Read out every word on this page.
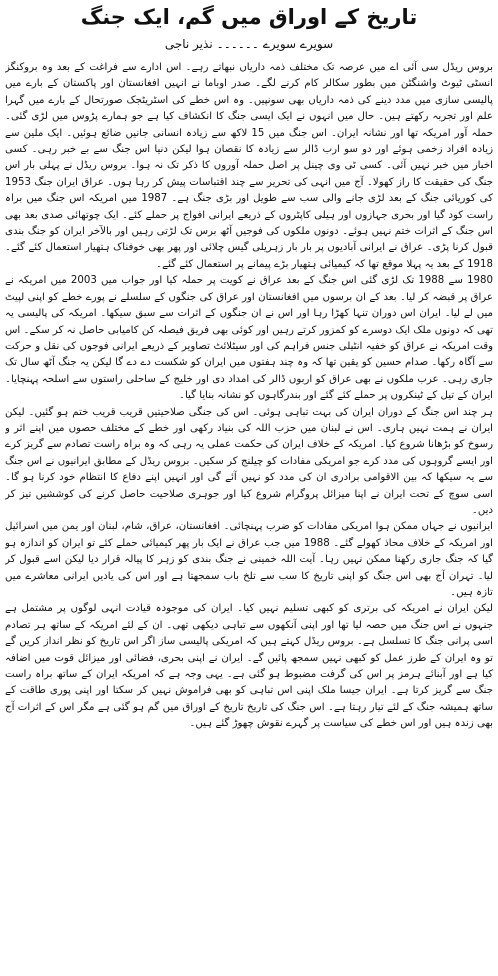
تاریخ کے اوراق میں گم، ایک جنگ
سویرے سویرے۔۔۔۔۔۔نذیر ناجی

بروس ریڈل سی آئی اے میں عرصہ تک مختلف ذمہ داریاں نبھاتے رہے۔ اس ادارے سے فراغت کے بعد وہ بروکنگز انسٹی ٹیوٹ واشنگٹن میں بطور سکالر کام کرنے لگے۔ صدر اوباما نے انہیں افغانستان اور پاکستان کے بارے میں پالیسی سازی میں مدد دینے کی ذمہ داریاں بھی سونپیں۔ وہ اس خطے کی اسٹریٹجک صورتحال کے بارے میں گہرا علم اور تجربہ رکھتے ہیں۔ حال میں انہوں نے ایک ایسی جنگ کا انکشاف کیا ہے جو ہمارے پڑوس میں لڑی گئی۔ حملہ آور امریکہ تھا اور نشانہ ایران۔ اس جنگ میں 15 لاکھ سے زیادہ انسانی جانیں ضائع ہوئیں۔ ایک ملین سے زیادہ افراد زخمی ہوئے اور دو سو ارب ڈالر سے زیادہ کا نقصان ہوا لیکن دنیا اس جنگ سے بے خبر رہی۔ کسی اخبار میں خبر نہیں آئی۔ کسی ٹی وی چینل پر اصل حملہ آوروں کا ذکر تک نہ ہوا۔ بروس ریڈل نے پہلی بار اس جنگ کی حقیقت کا راز کھولا۔ آج میں انہی کی تحریر سے چند اقتباسات پیش کر رہا ہوں۔ عراق ایران جنگ 1953 کی کوریائی جنگ کے بعد لڑی جانے والی سب سے طویل اور بڑی جنگ ہے۔ 1987 میں امریکہ اس جنگ میں براہ راست کود گیا اور بحری جہازوں اور ہیلی کاپٹروں کے ذریعے ایرانی افواج پر حملے کئے۔ ایک چوتھائی صدی بعد بھی اس جنگ کے اثرات ختم نہیں ہوئے۔ دونوں ملکوں کی فوجیں آٹھ برس تک لڑتی رہیں اور بالآخر ایران کو جنگ بندی قبول کرنا پڑی۔ عراق نے ایرانی آبادیوں پر بار بار زہریلی گیس چلائی اور پھر بھی خوفناک ہتھیار استعمال کئے گئے۔ 1918 کے بعد یہ پہلا موقع تھا کہ کیمیائی ہتھیار بڑے پیمانے پر استعمال کئے گئے۔

1980 سے 1988 تک لڑی گئی اس جنگ کے بعد عراق نے کویت پر حملہ کیا اور جواب میں 2003 میں امریکہ نے عراق پر قبضہ کر لیا۔ بعد کے ان برسوں میں افغانستان اور عراق کی جنگوں کے سلسلے نے پورے خطے کو اپنی لپیٹ میں لے لیا۔ ایران اس دوران تنہا کھڑا رہا اور اس نے ان جنگوں کے اثرات سے سبق سیکھا۔ امریکہ کی پالیسی یہ تھی کہ دونوں ملک ایک دوسرے کو کمزور کرتے رہیں اور کوئی بھی فریق فیصلہ کن کامیابی حاصل نہ کر سکے۔ اس وقت امریکہ نے عراق کو خفیہ انٹیلی جنس فراہم کی اور سیٹلائٹ تصاویر کے ذریعے ایرانی فوجوں کی نقل و حرکت سے آگاہ رکھا۔ صدام حسین کو یقین تھا کہ وہ چند ہفتوں میں ایران کو شکست دے دے گا لیکن یہ جنگ آٹھ سال تک جاری رہی۔ عرب ملکوں نے بھی عراق کو اربوں ڈالر کی امداد دی اور خلیج کے ساحلی راستوں سے اسلحہ پہنچایا۔ ایران کے تیل کے ٹینکروں پر حملے کئے گئے اور بندرگاہوں کو نشانہ بنایا گیا۔

ہر چند اس جنگ کے دوران ایران کی بہت تباہی ہوئی۔ اس کی جنگی صلاحیتیں قریب قریب ختم ہو گئیں۔ لیکن ایران نے ہمت نہیں ہاری۔ اس نے لبنان میں حزب اللہ کی بنیاد رکھی اور خطے کے مختلف حصوں میں اپنے اثر و رسوخ کو بڑھانا شروع کیا۔ امریکہ کے خلاف ایران کی حکمت عملی یہ رہی کہ وہ براہ راست تصادم سے گریز کرے اور ایسے گروہوں کی مدد کرے جو امریکی مفادات کو چیلنج کر سکیں۔ بروس ریڈل کے مطابق ایرانیوں نے اس جنگ سے یہ سیکھا کہ بین الاقوامی برادری ان کی مدد کو نہیں آئے گی اور انہیں اپنے دفاع کا انتظام خود کرنا ہو گا۔ اسی سوچ کے تحت ایران نے اپنا میزائل پروگرام شروع کیا اور جوہری صلاحیت حاصل کرنے کی کوششیں تیز کر دیں۔

ایرانیوں نے جہاں ممکن ہوا امریکی مفادات کو ضرب پہنچائی۔ افغانستان، عراق، شام، لبنان اور یمن میں اسرائیل اور امریکہ کے خلاف محاذ کھولے گئے۔ 1988 میں جب عراق نے ایک بار پھر کیمیائی حملے کئے تو ایران کو اندازہ ہو گیا کہ جنگ جاری رکھنا ممکن نہیں رہا۔ آیت اللہ خمینی نے جنگ بندی کو زہر کا پیالہ قرار دیا لیکن اسے قبول کر لیا۔ تہران آج بھی اس جنگ کو اپنی تاریخ کا سب سے تلخ باب سمجھتا ہے اور اس کی یادیں ایرانی معاشرے میں تازہ ہیں۔

لیکن ایران نے امریکہ کی برتری کو کبھی تسلیم نہیں کیا۔ ایران کی موجودہ قیادت انہی لوگوں پر مشتمل ہے جنہوں نے اس جنگ میں حصہ لیا تھا اور اپنی آنکھوں سے تباہی دیکھی تھی۔ ان کے لئے امریکہ کے ساتھ ہر تصادم اسی پرانی جنگ کا تسلسل ہے۔ بروس ریڈل کہتے ہیں کہ امریکی پالیسی ساز اگر اس تاریخ کو نظر انداز کریں گے تو وہ ایران کے طرز عمل کو کبھی نہیں سمجھ پائیں گے۔ ایران نے اپنی بحری، فضائی اور میزائل قوت میں اضافہ کیا ہے اور آبنائے ہرمز پر اس کی گرفت مضبوط ہو گئی ہے۔ یہی وجہ ہے کہ امریکہ ایران کے ساتھ براہ راست جنگ سے گریز کرتا ہے۔ ایران جیسا ملک اپنی اس تباہی کو بھی فراموش نہیں کر سکتا اور اپنی پوری طاقت کے ساتھ ہمیشہ جنگ کے لئے تیار رہتا ہے۔ اس جنگ کی تاریخ تاریخ کے اوراق میں گم ہو گئی ہے مگر اس کے اثرات آج بھی زندہ ہیں اور اس خطے کی سیاست پر گہرے نقوش چھوڑ گئے ہیں۔
